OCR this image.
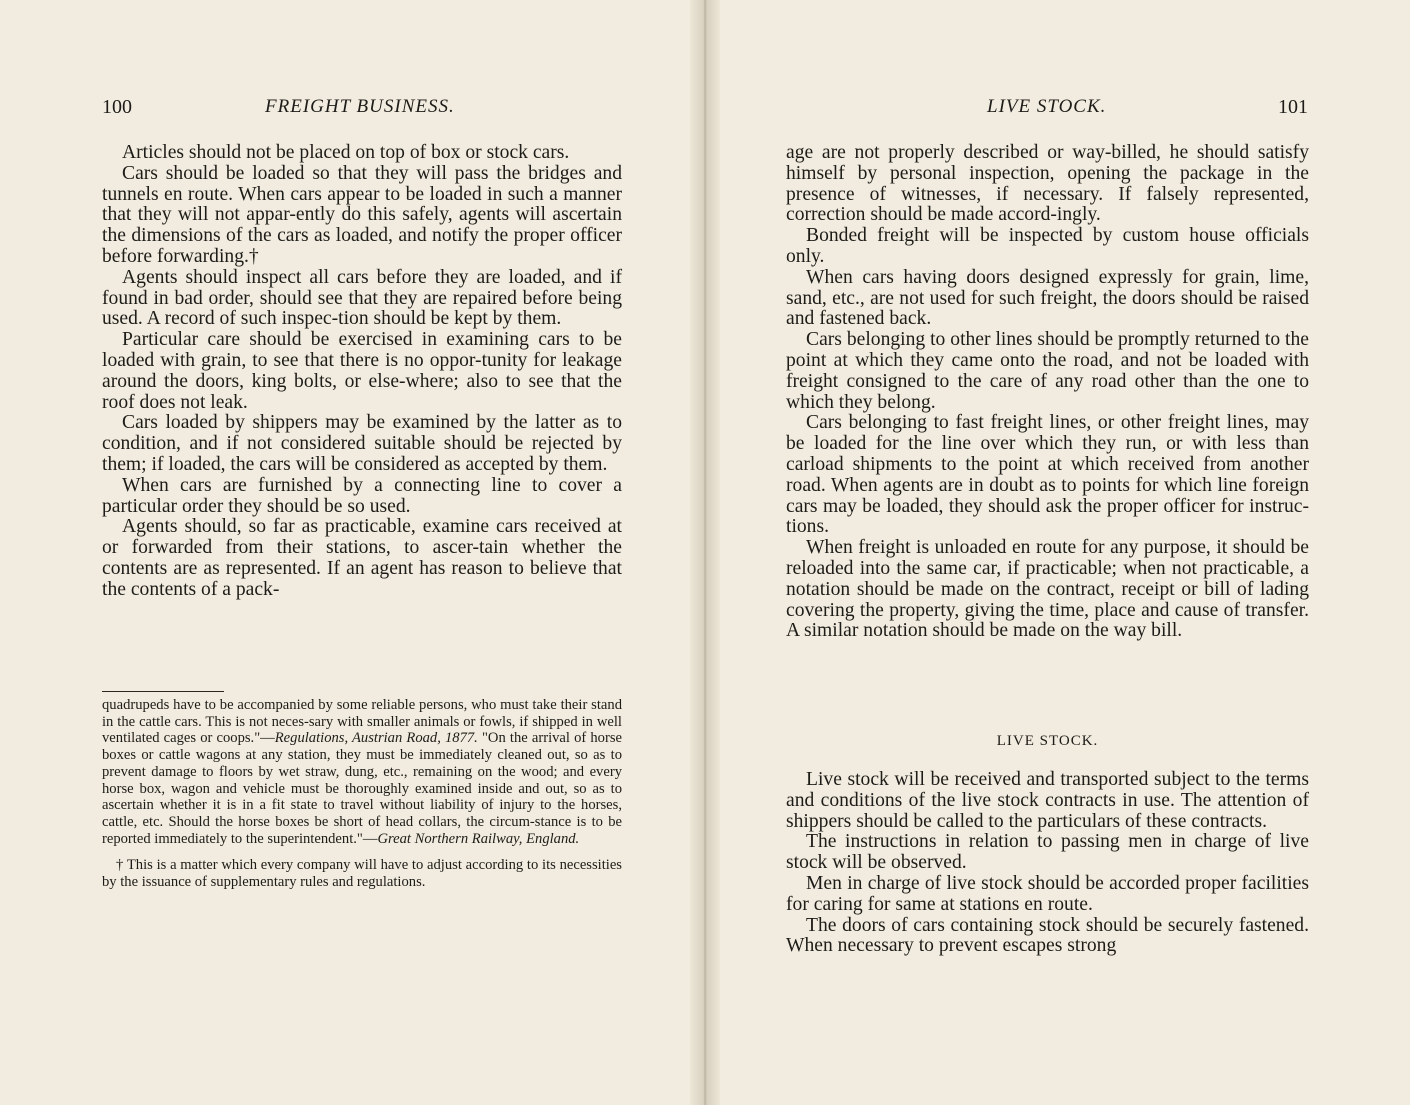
100	FREIGHT BUSINESS.

Articles should not be placed on top of box or stock cars.

Cars should be loaded so that they will pass the bridges and tunnels en route. When cars appear to be loaded in such a manner that they will not appar-ently do this safely, agents will ascertain the dimensions of the cars as loaded, and notify the proper officer before forwarding.†

Agents should inspect all cars before they are loaded, and if found in bad order, should see that they are repaired before being used. A record of such inspec-tion should be kept by them.

Particular care should be exercised in examining cars to be loaded with grain, to see that there is no oppor-tunity for leakage around the doors, king bolts, or else-where; also to see that the roof does not leak.

Cars loaded by shippers may be examined by the latter as to condition, and if not considered suitable should be rejected by them; if loaded, the cars will be considered as accepted by them.

When cars are furnished by a connecting line to cover a particular order they should be so used.

Agents should, so far as practicable, examine cars received at or forwarded from their stations, to ascer-tain whether the contents are as represented. If an agent has reason to believe that the contents of a pack-

quadrupeds have to be accompanied by some reliable persons, who must take their stand in the cattle cars. This is not neces-sary with smaller animals or fowls, if shipped in well ventilated cages or coops."—Regulations, Austrian Road, 1877. "On the arrival of horse boxes or cattle wagons at any station, they must be immediately cleaned out, so as to prevent damage to floors by wet straw, dung, etc., remaining on the wood; and every horse box, wagon and vehicle must be thoroughly examined inside and out, so as to ascertain whether it is in a fit state to travel without liability of injury to the horses, cattle, etc. Should the horse boxes be short of head collars, the circum-stance is to be reported immediately to the superintendent."—Great Northern Railway, England.

† This is a matter which every company will have to adjust according to its necessities by the issuance of supplementary rules and regulations.

LIVE STOCK.	101

age are not properly described or way-billed, he should satisfy himself by personal inspection, opening the package in the presence of witnesses, if necessary. If falsely represented, correction should be made accord-ingly.

Bonded freight will be inspected by custom house officials only.

When cars having doors designed expressly for grain, lime, sand, etc., are not used for such freight, the doors should be raised and fastened back.

Cars belonging to other lines should be promptly returned to the point at which they came onto the road, and not be loaded with freight consigned to the care of any road other than the one to which they belong.

Cars belonging to fast freight lines, or other freight lines, may be loaded for the line over which they run, or with less than carload shipments to the point at which received from another road. When agents are in doubt as to points for which line foreign cars may be loaded, they should ask the proper officer for instruc-tions.

When freight is unloaded en route for any purpose, it should be reloaded into the same car, if practicable; when not practicable, a notation should be made on the contract, receipt or bill of lading covering the property, giving the time, place and cause of transfer. A similar notation should be made on the way bill.

LIVE STOCK.

Live stock will be received and transported subject to the terms and conditions of the live stock contracts in use. The attention of shippers should be called to the particulars of these contracts.

The instructions in relation to passing men in charge of live stock will be observed.

Men in charge of live stock should be accorded proper facilities for caring for same at stations en route.

The doors of cars containing stock should be securely fastened. When necessary to prevent escapes strong
